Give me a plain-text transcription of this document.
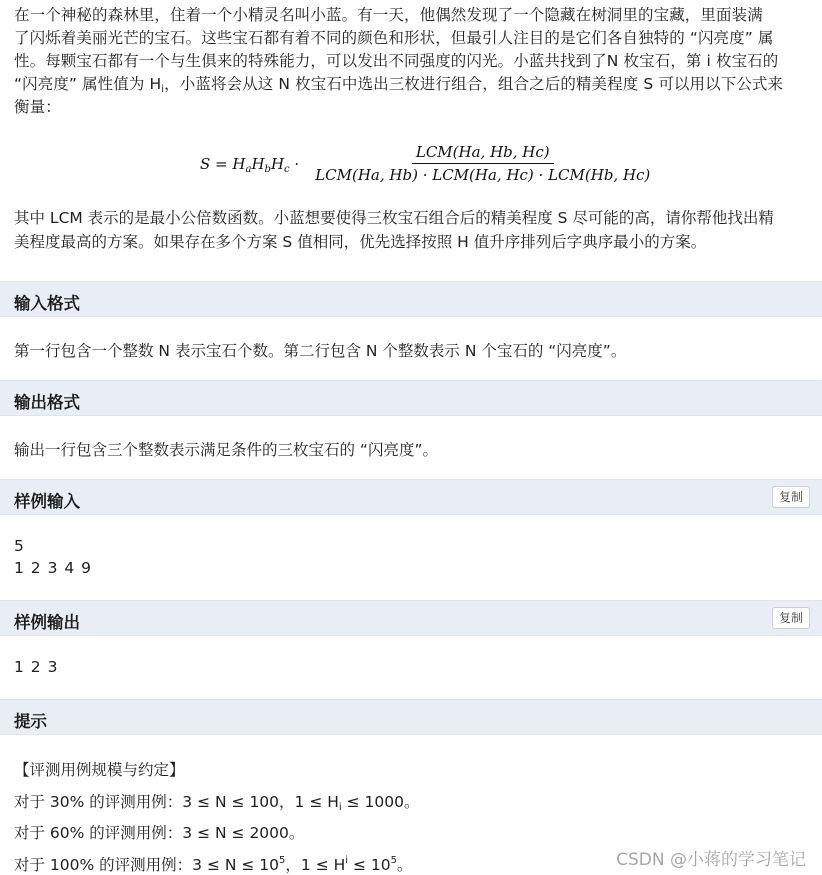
在一个神秘的森林里，住着一个小精灵名叫小蓝。有一天，他偶然发现了一个隐藏在树洞里的宝藏，里面装满

了闪烁着美丽光芒的宝石。这些宝石都有着不同的颜色和形状，但最引人注目的是它们各自独特的 “闪亮度” 属

性。每颗宝石都有一个与生俱来的特殊能力，可以发出不同强度的闪光。小蓝共找到了N 枚宝石，第 i 枚宝石的

“闪亮度” 属性值为 $H_i$，小蓝将会从这 N 枚宝石中选出三枚进行组合，组合之后的精美程度 S 可以用以下公式来

衡量：

$S = H_aH_bH_c \cdot \frac{\text{LCM(Ha, Hb, Hc)}}{\text{LCM(Ha, Hb) · LCM(Ha, Hc) · LCM(Hb, Hc)}}$
其中 LCM 表示的是最小公倍数函数。小蓝想要使得三枚宝石组合后的精美程度 S 尽可能的高，请你帮他找出精
美程度最高的方案。如果存在多个方案 S 值相同，优先选择按照 H 值升序排列后字典序最小的方案。
输入格式
第一行包含一个整数 N 表示宝石个数。第二行包含 N 个整数表示 N 个宝石的 “闪亮度”。
输出格式
输出一行包含三个整数表示满足条件的三枚宝石的 “闪亮度”。
样例输入	复制
5
1 2 3 4 9
样例输出	复制
1 2 3
提示
【评测用例规模与约定】
对于 30% 的评测用例：3 ≤ N ≤ 100，$1 \le H_i \le 1000$。
对于 60% 的评测用例：3 ≤ N ≤ 2000。
对于 100% 的评测用例：$3 \le N \le 10^5$，$1 \le H^i \le 10^5$。	CSDN @小蒋的学习笔记
